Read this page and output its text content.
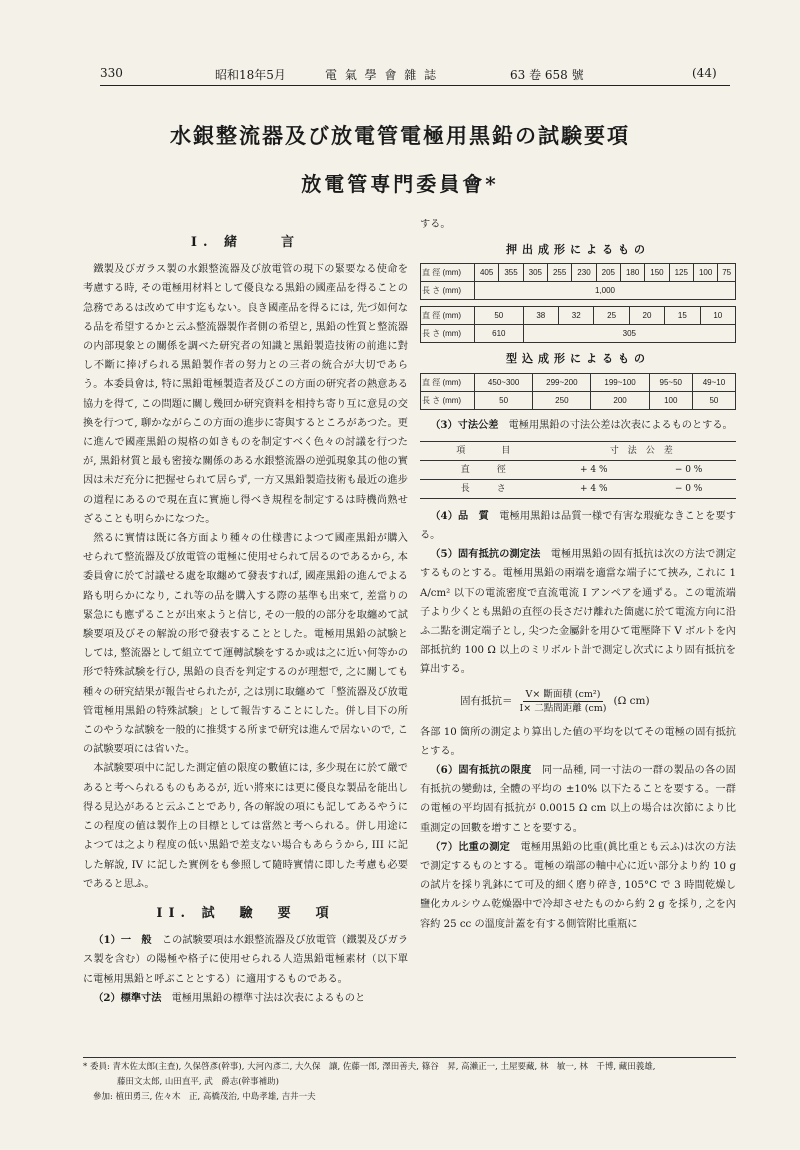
330	昭和18年5月	電 氣 學 會 雜 誌	63 卷 658 號	(44)
水銀整流器及び放電管電極用黒鉛の試験要項
放電管専門委員會*
I. 緒　　言

鐵製及びガラス製の水銀整流器及び放電管の現下の緊要なる使命を考慮する時, その電極用材料として優良なる黒鉛の國產品を得ることの急務であるは改めて申す迄もない。良き國產品を得るには, 先づ如何なる品を希望するかと云ふ整流器製作者側の希望と, 黒鉛の性質と整流器の内部現象との關係を調べた研究者の知識と黒鉛製造技術の前進に對し不斷に捧げられる黒鉛製作者の努力との三者の統合が大切であらう。本委員會は, 特に黒鉛電極製造者及びこの方面の研究者の熱意ある協力を得て, この問題に關し幾回か研究資料を相持ち寄り互に意見の交換を行つて, 聊かながらこの方面の進步に寄與するところがあつた。更に進んで國產黒鉛の規格の如きものを制定すべく色々の討議を行つたが, 黒鉛材質と最も密接な關係のある水銀整流器の逆弧現象其の他の實因は未だ充分に把握せられて居らず, 一方又黒鉛製造技術も最近の進步の道程にあるので現在直に實施し得べき規程を制定するは時機尚熟せざることも明らかになつた。

然るに實情は既に各方面より種々の仕様書によつて國產黒鉛が購入せられて整流器及び放電管の電極に使用せられて居るのであるから, 本委員會に於て討議せる處を取纏めて發表すれば, 國產黒鉛の進んでよる路も明らかになり, これ等の品を購入する際の基準も出來て, 差當りの緊急にも應ずることが出來ようと信じ, その一般的の部分を取纏めて試験要項及びその解說の形で發表することとした。電極用黒鉛の試験としては, 整流器として組立てて運轉試験をするか或は之に近い何等かの形で特殊試験を行ひ, 黒鉛の良否を判定するのが理想で, 之に關しても種々の研究結果が報告せられたが, 之は別に取纏めて「整流器及び放電管電極用黒鉛の特殊試験」として報告することにした。併し目下の所このやうな試験を一般的に推奨する所まで研究は進んで居ないので, この試験要項には省いた。

本試験要項中に記した測定値の限度の數値には, 多少現在に於て嚴であると考へられるものもあるが, 近い將來には更に優良な製品を能出し得る見込があると云ふことであり, 各の解說の項にも記してあるやうにこの程度の値は製作上の目標としては當然と考へられる。併し用途によつては之より程度の低い黒鉛で差支ない場合もあらうから, III に記した解說, IV に記した實例をも參照して隨時實情に即した考慮も必要であると思ふ。

II. 試　驗　要　項

（1）一　般　 この試験要項は水銀整流器及び放電管（鐵製及びガラス製を含む）の陽極や格子に使用せられる人造黒鉛電極素材（以下單に電極用黒鉛と呼ぶこととする）に適用するものである。

（2）標準寸法　 電極用黒鉛の標準寸法は次表によるものと

する。

押出成形によるもの
直 徑 (mm)	405	355	305	255	230	205	180	150	125	100	75
長 さ (mm)	1,000										
直 徑 (mm)	50	38	32	25	20	15	10
長 さ (mm)	610	305					
型込成形によるもの
直 徑 (mm)	450~300	299~200	199~100	95~50	49~10
長 さ (mm)	50	250	200	100	50

（3）寸法公差　 電極用黒鉛の寸法公差は次表によるものとする。

項　　　　目	寸　法　公　差	
直　　　徑	+ 4 %	− 0 %
長　　　さ	+ 4 %	− 0 %

（4）品　質　 電極用黒鉛は品質一様で有害な瑕疵なきことを要する。

（5）固有抵抗の測定法　 電極用黒鉛の固有抵抗は次の方法で測定するものとする。電極用黒鉛の兩端を適當な端子にて挾み, これに 1 A/cm² 以下の電流密度で直流電流 I アンペアを通ずる。この電流端子より少くとも黒鉛の直徑の長さだけ離れた箇處に於て電流方向に沿ふ二點を測定端子とし, 尖つた金屬針を用ひて電壓降下 V ボルトを內部抵抗約 100 Ω 以上のミリボルト計で測定し次式により固有抵抗を算出する。

固有抵抗＝ $\frac{\text{V× 斷面積 (cm²)}}{\text{I× 二點間距離 (cm)}} (\Omega$ cm)

各部 10 箇所の測定より算出した値の平均を以てその電極の固有抵抗とする。

（6）固有抵抗の限度　 同一品種, 同一寸法の一群の製品の各の固有抵抗の變動は, 全體の平均の ±10% 以下たることを要する。一群の電極の平均固有抵抗が 0.0015 Ω cm 以上の場合は次節により比重測定の回數を增すことを要する。

（7）比重の測定　 電極用黒鉛の比重(眞比重とも云ふ)は次の方法で測定するものとする。電極の端部の軸中心に近い部分より約 10 g の試片を採り乳鉢にて可及的細く磨り碎き, 105°C で 3 時間乾燥し鹽化カルシウム乾燥器中で冷却させたものから約 2 g を採り, 之を內容約 25 cc の溫度計蓋を有する側管附比重瓶に

* 委員: 青木佐太郎(主査), 久保啓彥(幹事), 大河內彥二, 大久保　讓, 佐藤一郎, 澤田善夫, 篠谷　昇, 高瀨正一, 土屋要藏, 林　敏一, 林　千博, 藏田義雄,
藤田文太郎, 山田直平, 武　爵志(幹事補助)
參加: 植田勇三, 佐々木　正, 高橋茂治, 中島孝雄, 吉井一夫
